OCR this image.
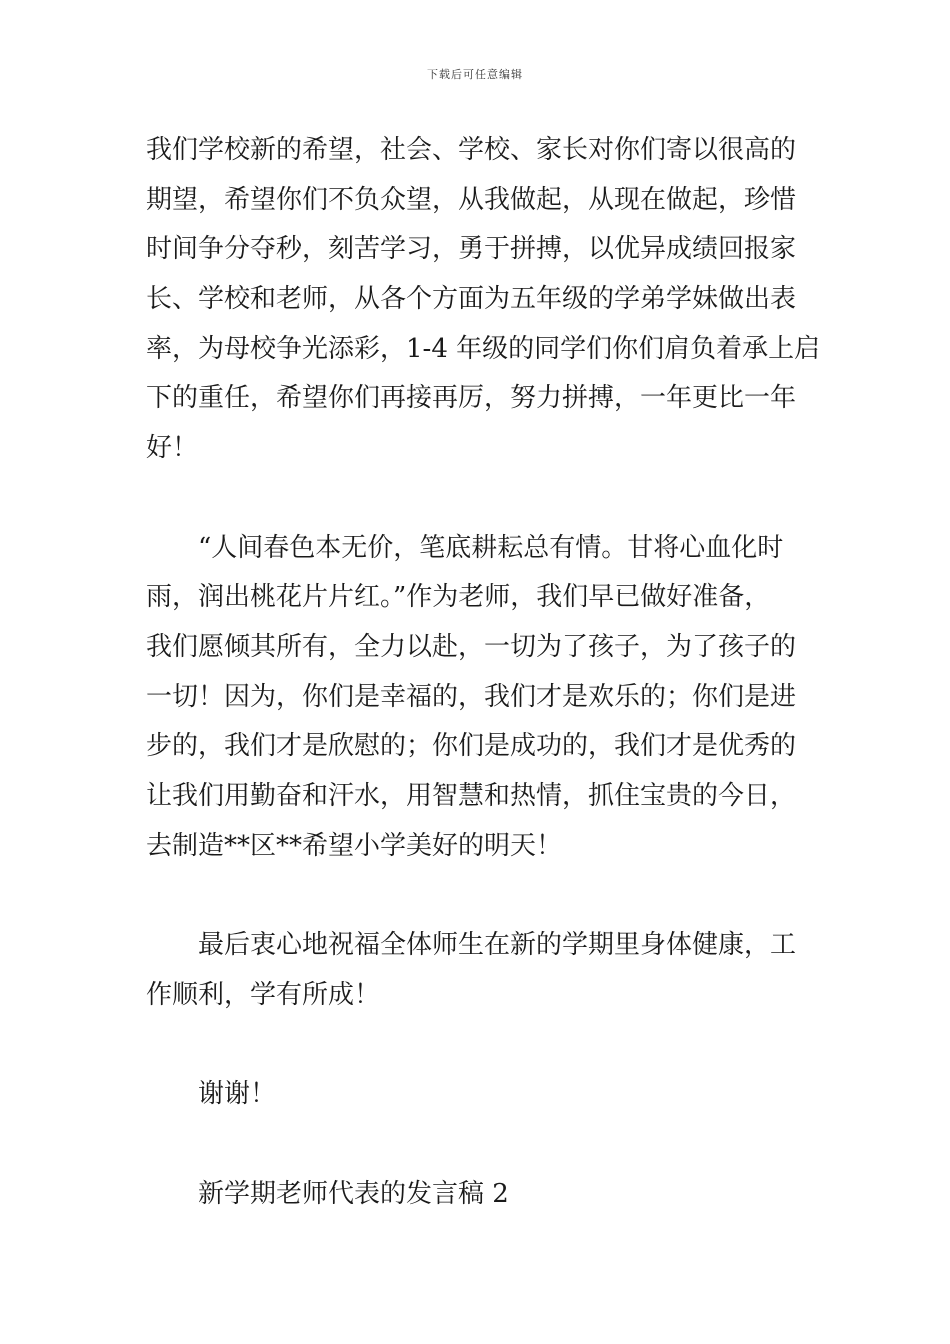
下载后可任意编辑
我们学校新的希望，社会、学校、家长对你们寄以很高的
期望，希望你们不负众望，从我做起，从现在做起，珍惜
时间争分夺秒，刻苦学习，勇于拼搏，以优异成绩回报家
长、学校和老师，从各个方面为五年级的学弟学妹做出表
率，为母校争光添彩，1-4 年级的同学们你们肩负着承上启
下的重任，希望你们再接再厉，努力拼搏，一年更比一年
好！
“人间春色本无价，笔底耕耘总有情。甘将心血化时
雨，润出桃花片片红。”作为老师，我们早已做好准备，
我们愿倾其所有，全力以赴，一切为了孩子，为了孩子的
一切！因为，你们是幸福的，我们才是欢乐的；你们是进
步的，我们才是欣慰的；你们是成功的，我们才是优秀的
让我们用勤奋和汗水，用智慧和热情，抓住宝贵的今日，
去制造**区**希望小学美好的明天！
最后衷心地祝福全体师生在新的学期里身体健康，工
作顺利，学有所成！
谢谢！
新学期老师代表的发言稿 2
